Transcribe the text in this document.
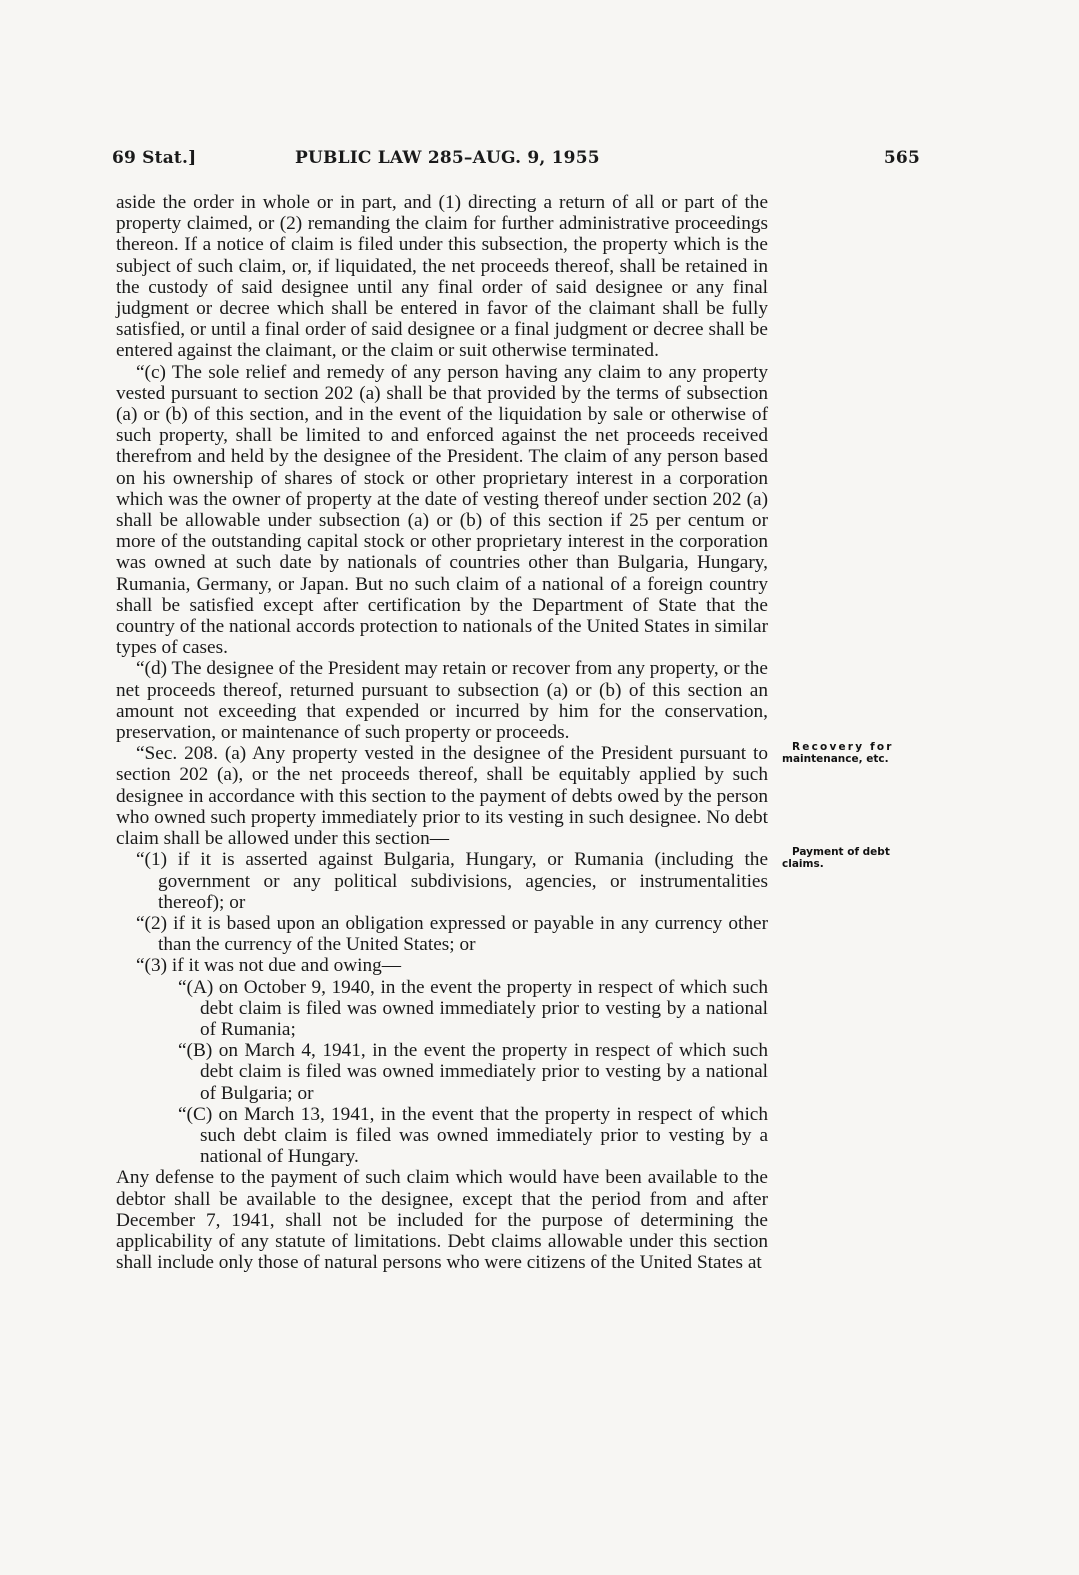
69 Stat.]	PUBLIC LAW 285–AUG. 9, 1955	565

aside the order in whole or in part, and (1) directing a return of all or part of the property claimed, or (2) remanding the claim for further administrative proceedings thereon. If a notice of claim is filed under this subsection, the property which is the subject of such claim, or, if liquidated, the net proceeds thereof, shall be retained in the custody of said designee until any final order of said designee or any final judgment or decree which shall be entered in favor of the claimant shall be fully satisfied, or until a final order of said designee or a final judgment or decree shall be entered against the claimant, or the claim or suit otherwise terminated.

“(c) The sole relief and remedy of any person having any claim to any property vested pursuant to section 202 (a) shall be that provided by the terms of subsection (a) or (b) of this section, and in the event of the liquidation by sale or otherwise of such property, shall be limited to and enforced against the net proceeds received therefrom and held by the designee of the President. The claim of any person based on his ownership of shares of stock or other proprietary interest in a corporation which was the owner of property at the date of vesting thereof under section 202 (a) shall be allowable under subsection (a) or (b) of this section if 25 per centum or more of the outstanding capital stock or other proprietary interest in the corporation was owned at such date by nationals of countries other than Bulgaria, Hungary, Rumania, Germany, or Japan. But no such claim of a national of a foreign country shall be satisfied except after certification by the Department of State that the country of the national accords protection to nationals of the United States in similar types of cases.

“(d) The designee of the President may retain or recover from any property, or the net proceeds thereof, returned pursuant to subsection (a) or (b) of this section an amount not exceeding that expended or incurred by him for the conservation, preservation, or maintenance of such property or proceeds.

“Sec. 208. (a) Any property vested in the designee of the President pursuant to section 202 (a), or the net proceeds thereof, shall be equitably applied by such designee in accordance with this section to the payment of debts owed by the person who owned such property immediately prior to its vesting in such designee. No debt claim shall be allowed under this section—

“(1) if it is asserted against Bulgaria, Hungary, or Rumania (including the government or any political subdivisions, agencies, or instrumentalities thereof); or

“(2) if it is based upon an obligation expressed or payable in any currency other than the currency of the United States; or

“(3) if it was not due and owing—

“(A) on October 9, 1940, in the event the property in respect of which such debt claim is filed was owned immediately prior to vesting by a national of Rumania;

“(B) on March 4, 1941, in the event the property in respect of which such debt claim is filed was owned immediately prior to vesting by a national of Bulgaria; or

“(C) on March 13, 1941, in the event that the property in respect of which such debt claim is filed was owned immediately prior to vesting by a national of Hungary.

Any defense to the payment of such claim which would have been available to the debtor shall be available to the designee, except that the period from and after December 7, 1941, shall not be included for the purpose of determining the applicability of any statute of limitations. Debt claims allowable under this section shall include only those of natural persons who were citizens of the United States at

Recovery for
maintenance, etc.
Payment of debt
claims.
